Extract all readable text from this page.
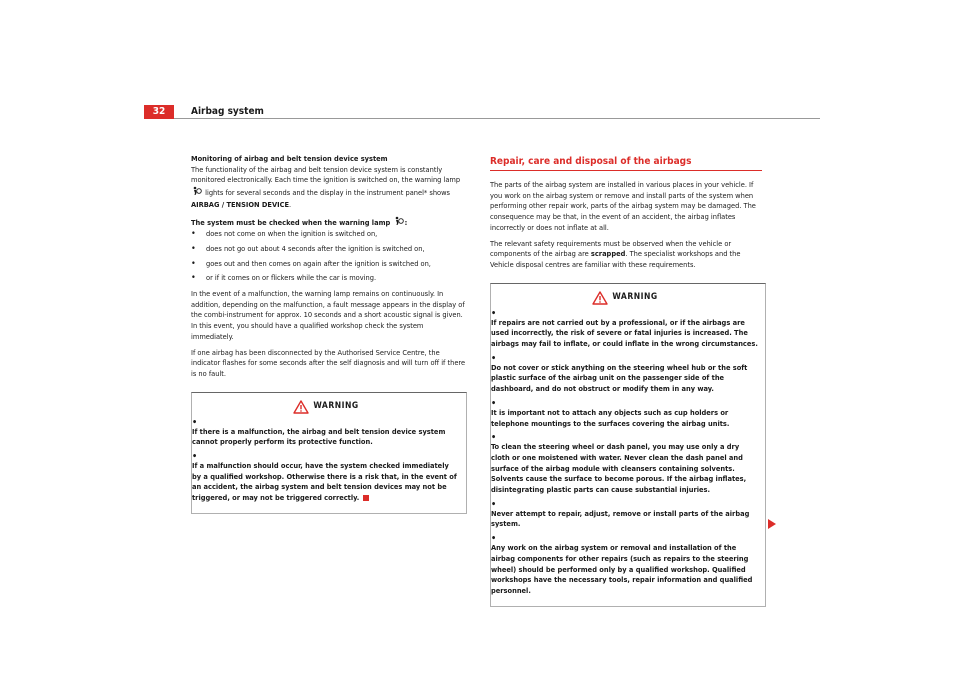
32	Airbag system

Monitoring of airbag and belt tension device system

The functionality of the airbag and belt tension device system is constantly monitored electronically. Each time the ignition is switched on, the warning lamp  lights for several seconds and the display in the instrument panel* shows AIRBAG / TENSION DEVICE.

The system must be checked when the warning lamp :

• does not come on when the ignition is switched on,
• does not go out about 4 seconds after the ignition is switched on,
• goes out and then comes on again after the ignition is switched on,
• or if it comes on or flickers while the car is moving.

In the event of a malfunction, the warning lamp remains on continuously. In addition, depending on the malfunction, a fault message appears in the display of the combi-instrument for approx. 10 seconds and a short acoustic signal is given. In this event, you should have a qualified workshop check the system immediately.

If one airbag has been disconnected by the Authorised Service Centre, the indicator flashes for some seconds after the self diagnosis and will turn off if there is no fault.

WARNING
•
If there is a malfunction, the airbag and belt tension device system cannot properly perform its protective function.
•
If a malfunction should occur, have the system checked immediately by a qualified workshop. Otherwise there is a risk that, in the event of an accident, the airbag system and belt tension devices may not be triggered, or may not be triggered correctly.
Repair, care and disposal of the airbags

The parts of the airbag system are installed in various places in your vehicle. If you work on the airbag system or remove and install parts of the system when performing other repair work, parts of the airbag system may be damaged. The consequence may be that, in the event of an accident, the airbag inflates incorrectly or does not inflate at all.

The relevant safety requirements must be observed when the vehicle or components of the airbag are scrapped. The specialist workshops and the Vehicle disposal centres are familiar with these requirements.

WARNING
•
If repairs are not carried out by a professional, or if the airbags are used incorrectly, the risk of severe or fatal injuries is increased. The airbags may fail to inflate, or could inflate in the wrong circumstances.
•
Do not cover or stick anything on the steering wheel hub or the soft plastic surface of the airbag unit on the passenger side of the dashboard, and do not obstruct or modify them in any way.
•
It is important not to attach any objects such as cup holders or telephone mountings to the surfaces covering the airbag units.
•
To clean the steering wheel or dash panel, you may use only a dry cloth or one moistened with water. Never clean the dash panel and surface of the airbag module with cleansers containing solvents. Solvents cause the surface to become porous. If the airbag inflates, disintegrating plastic parts can cause substantial injuries.
•
Never attempt to repair, adjust, remove or install parts of the airbag system.
•
Any work on the airbag system or removal and installation of the airbag components for other repairs (such as repairs to the steering wheel) should be performed only by a qualified workshop. Qualified workshops have the necessary tools, repair information and qualified personnel.
